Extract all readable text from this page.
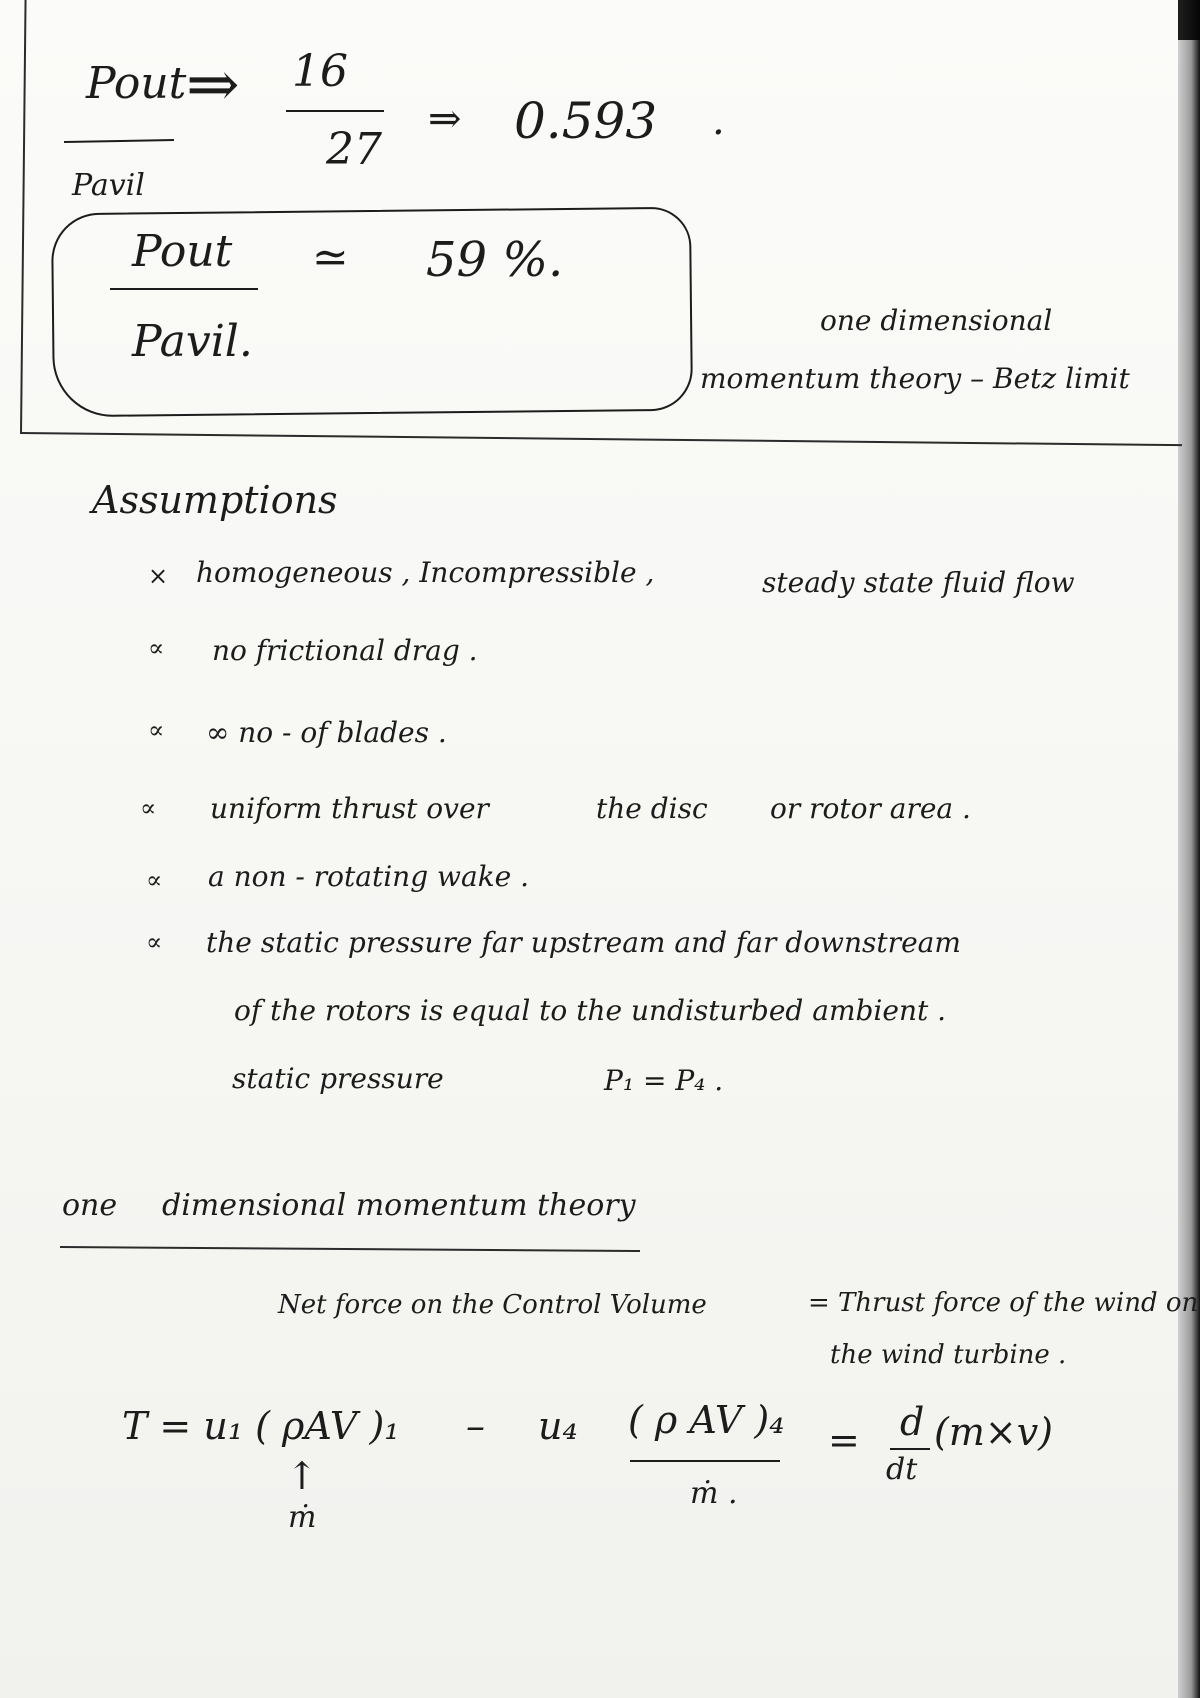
Pout
Pavil
⇒ 16
27
⇒ 0.593 .
Pout
Pavil.
≃ 59 %.
one dimensional
momentum theory – Betz limit
Assumptions
× homogeneous , Incompressible ,	steady state fluid flow
∝ no frictional drag .
∝ ∞ no - of blades .
∝ uniform thrust over	the disc or rotor area .
∝ a non - rotating wake .
∝ the static pressure far upstream and far downstream
of the rotors is equal to the undisturbed ambient .
static pressure	P₁ = P₄ .
one dimensional momentum theory
Net force on the Control Volume	= Thrust force of the wind on
the wind turbine .
T = u₁ ( ρAV )₁ – u₄ ( ρ AV )₄ = d
dt
(m×v)
↑
ṁ
ṁ .
